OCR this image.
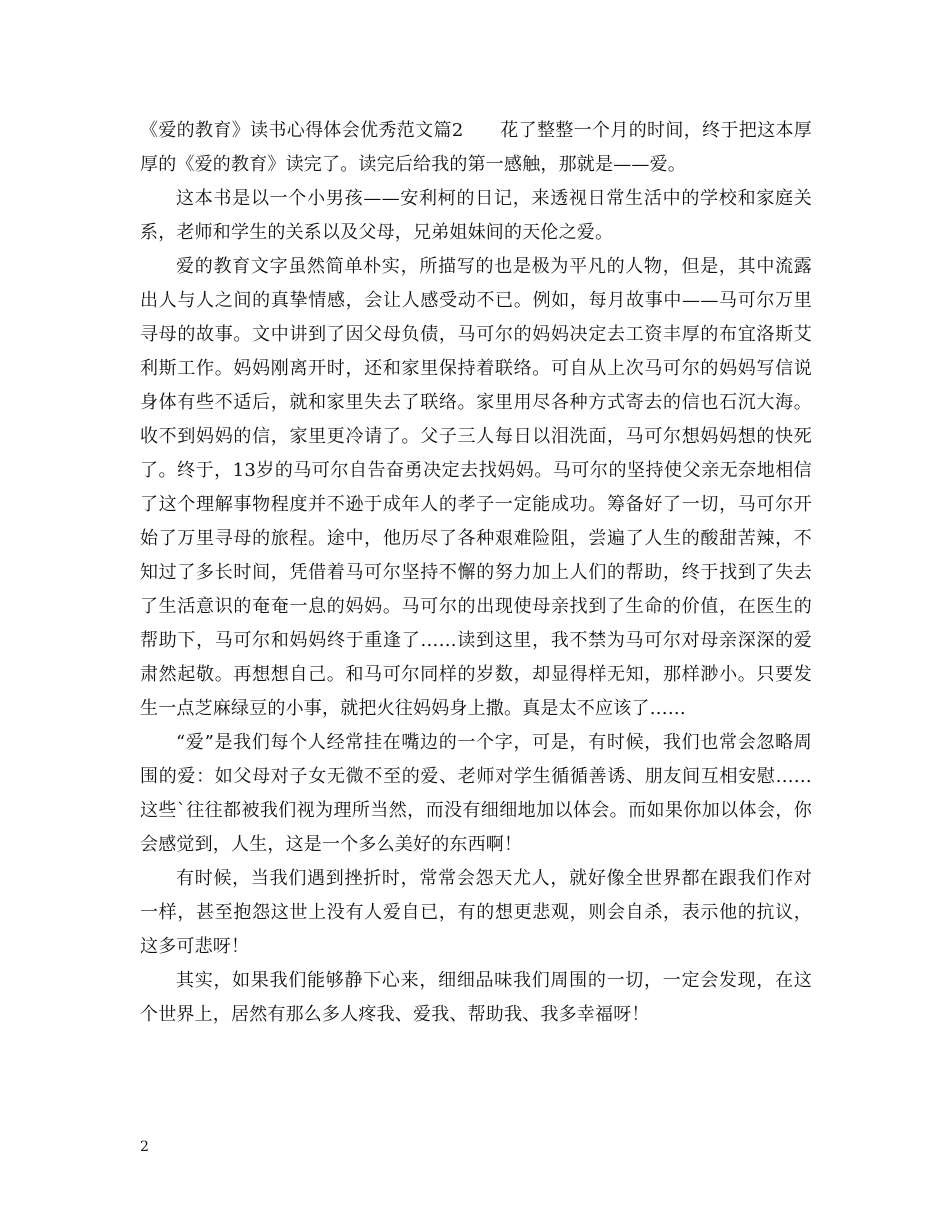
《爱的教育》读书心得体会优秀范文篇2　　花了整整一个月的时间，终于把这本厚厚的《爱的教育》读完了。读完后给我的第一感触，那就是——爱。

这本书是以一个小男孩——安利柯的日记，来透视日常生活中的学校和家庭关系，老师和学生的关系以及父母，兄弟姐妹间的天伦之爱。

爱的教育文字虽然简单朴实，所描写的也是极为平凡的人物，但是，其中流露出人与人之间的真挚情感，会让人感受动不已。例如，每月故事中——马可尔万里寻母的故事。文中讲到了因父母负债，马可尔的妈妈决定去工资丰厚的布宜洛斯艾利斯工作。妈妈刚离开时，还和家里保持着联络。可自从上次马可尔的妈妈写信说身体有些不适后，就和家里失去了联络。家里用尽各种方式寄去的信也石沉大海。收不到妈妈的信，家里更冷请了。父子三人每日以泪洗面，马可尔想妈妈想的快死了。终于，13岁的马可尔自告奋勇决定去找妈妈。马可尔的坚持使父亲无奈地相信了这个理解事物程度并不逊于成年人的孝子一定能成功。筹备好了一切，马可尔开始了万里寻母的旅程。途中，他历尽了各种艰难险阻，尝遍了人生的酸甜苦辣，不知过了多长时间，凭借着马可尔坚持不懈的努力加上人们的帮助，终于找到了失去了生活意识的奄奄一息的妈妈。马可尔的出现使母亲找到了生命的价值，在医生的帮助下，马可尔和妈妈终于重逢了……读到这里，我不禁为马可尔对母亲深深的爱肃然起敬。再想想自己。和马可尔同样的岁数，却显得样无知，那样渺小。只要发生一点芝麻绿豆的小事，就把火往妈妈身上撒。真是太不应该了……

“爱”是我们每个人经常挂在嘴边的一个字，可是，有时候，我们也常会忽略周围的爱：如父母对子女无微不至的爱、老师对学生循循善诱、朋友间互相安慰……这些`往往都被我们视为理所当然，而没有细细地加以体会。而如果你加以体会，你会感觉到，人生，这是一个多么美好的东西啊！

有时候，当我们遇到挫折时，常常会怨天尤人，就好像全世界都在跟我们作对一样，甚至抱怨这世上没有人爱自已，有的想更悲观，则会自杀，表示他的抗议，这多可悲呀！

其实，如果我们能够静下心来，细细品味我们周围的一切，一定会发现，在这个世界上，居然有那么多人疼我、爱我、帮助我、我多幸福呀！

2
